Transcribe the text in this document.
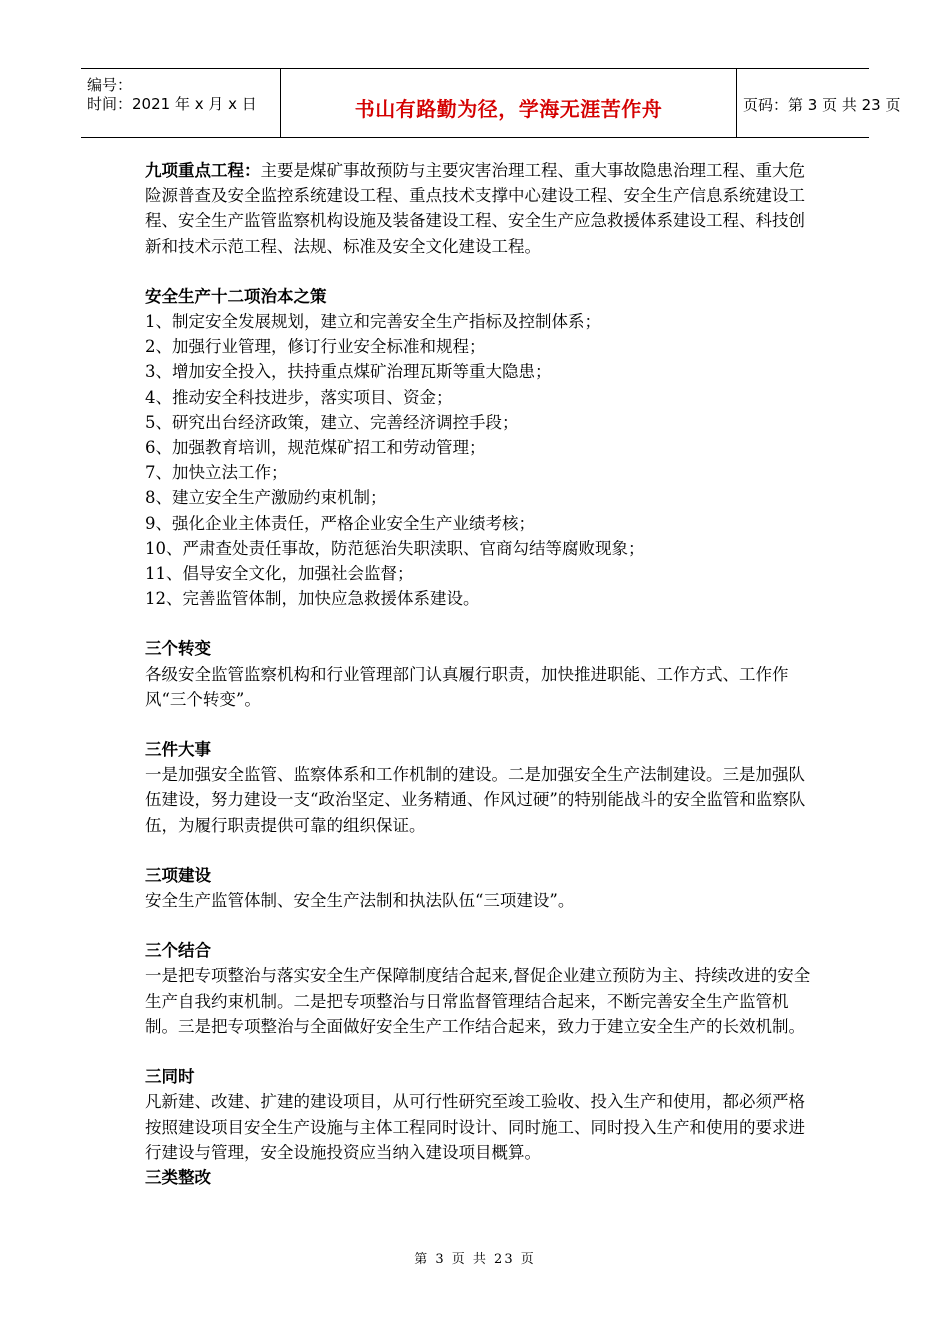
编号：
时间：2021 年 x 月 x 日	书山有路勤为径，学海无涯苦作舟	页码：第 3 页 共 23 页

九项重点工程：主要是煤矿事故预防与主要灾害治理工程、重大事故隐患治理工程、重大危险源普查及安全监控系统建设工程、重点技术支撑中心建设工程、安全生产信息系统建设工程、安全生产监管监察机构设施及装备建设工程、安全生产应急救援体系建设工程、科技创新和技术示范工程、法规、标准及安全文化建设工程。

安全生产十二项治本之策

1、制定安全发展规划，建立和完善安全生产指标及控制体系；

2、加强行业管理，修订行业安全标准和规程；

3、增加安全投入，扶持重点煤矿治理瓦斯等重大隐患；

4、推动安全科技进步，落实项目、资金；

5、研究出台经济政策，建立、完善经济调控手段；

6、加强教育培训，规范煤矿招工和劳动管理；

7、加快立法工作；

8、建立安全生产激励约束机制；

9、强化企业主体责任，严格企业安全生产业绩考核；

10、严肃查处责任事故，防范惩治失职渎职、官商勾结等腐败现象；

11、倡导安全文化，加强社会监督；

12、完善监管体制，加快应急救援体系建设。

三个转变

各级安全监管监察机构和行业管理部门认真履行职责，加快推进职能、工作方式、工作作风“三个转变”。

三件大事

一是加强安全监管、监察体系和工作机制的建设。二是加强安全生产法制建设。三是加强队伍建设，努力建设一支“政治坚定、业务精通、作风过硬”的特别能战斗的安全监管和监察队伍，为履行职责提供可靠的组织保证。

三项建设

安全生产监管体制、安全生产法制和执法队伍“三项建设”。

三个结合

一是把专项整治与落实安全生产保障制度结合起来,督促企业建立预防为主、持续改进的安全生产自我约束机制。二是把专项整治与日常监督管理结合起来，不断完善安全生产监管机制。三是把专项整治与全面做好安全生产工作结合起来，致力于建立安全生产的长效机制。

三同时

凡新建、改建、扩建的建设项目，从可行性研究至竣工验收、投入生产和使用，都必须严格按照建设项目安全生产设施与主体工程同时设计、同时施工、同时投入生产和使用的要求进行建设与管理，安全设施投资应当纳入建设项目概算。

三类整改

第 3 页 共 23 页
